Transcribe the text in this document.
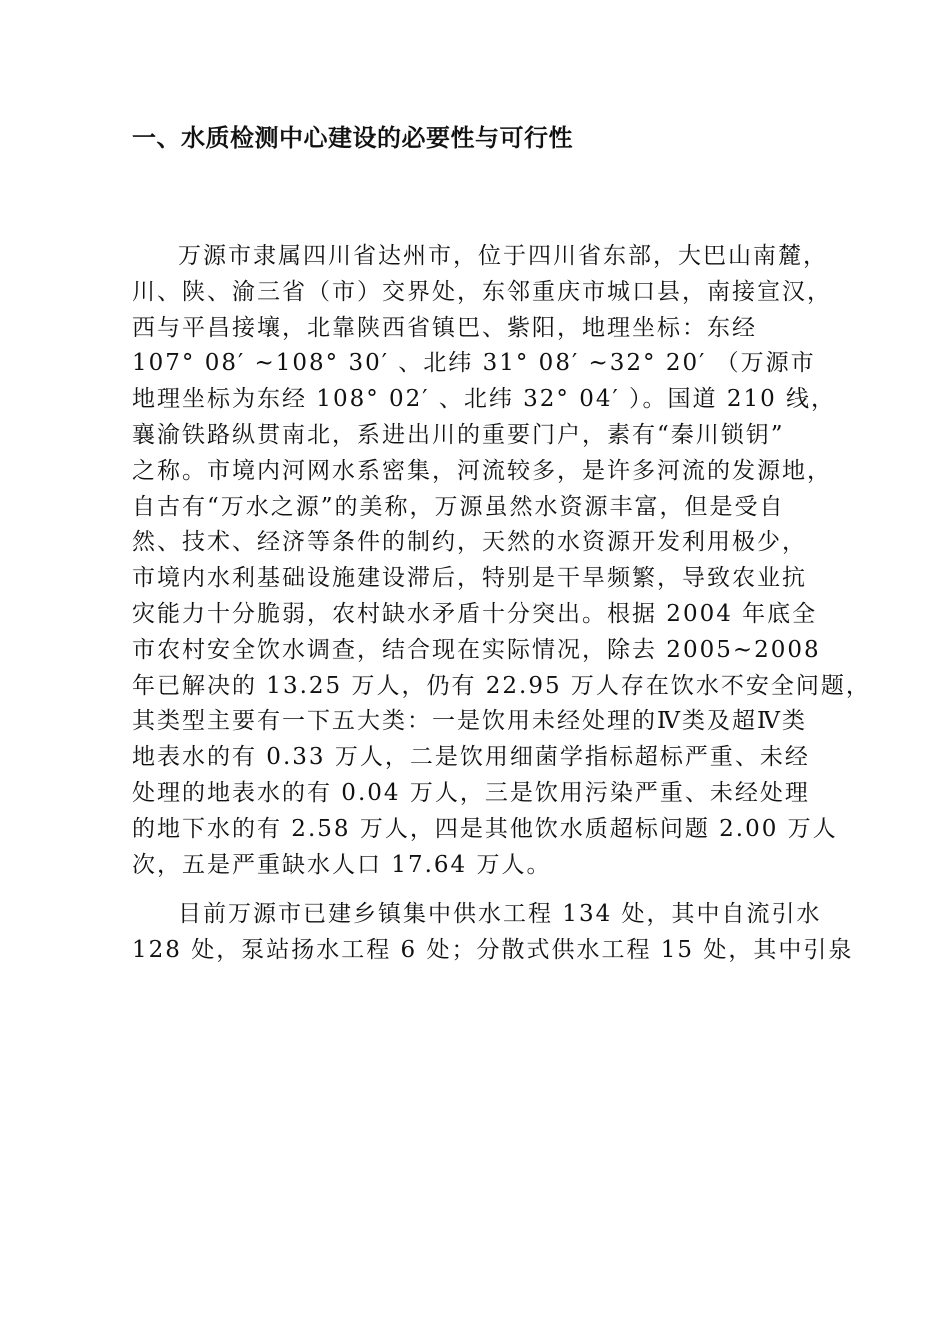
一、水质检测中心建设的必要性与可行性
万源市隶属四川省达州市，位于四川省东部，大巴山南麓，
川、陕、渝三省（市）交界处，东邻重庆市城口县，南接宣汉，
西与平昌接壤，北靠陕西省镇巴、紫阳，地理坐标：东经
107° 08′ ~108° 30′ 、北纬 31° 08′ ~32° 20′ （万源市
地理坐标为东经 108° 02′ 、北纬 32° 04′ ）。国道 210 线，
襄渝铁路纵贯南北，系进出川的重要门户，素有“秦川锁钥”
之称。市境内河网水系密集，河流较多，是许多河流的发源地，
自古有“万水之源”的美称，万源虽然水资源丰富，但是受自
然、技术、经济等条件的制约，天然的水资源开发利用极少，
市境内水利基础设施建设滞后，特别是干旱频繁，导致农业抗
灾能力十分脆弱，农村缺水矛盾十分突出。根据 2004 年底全
市农村安全饮水调查，结合现在实际情况，除去 2005~2008
年已解决的 13.25 万人，仍有 22.95 万人存在饮水不安全问题，
其类型主要有一下五大类：一是饮用未经处理的Ⅳ类及超Ⅳ类
地表水的有 0.33 万人，二是饮用细菌学指标超标严重、未经
处理的地表水的有 0.04 万人，三是饮用污染严重、未经处理
的地下水的有 2.58 万人，四是其他饮水质超标问题 2.00 万人
次，五是严重缺水人口 17.64 万人。
目前万源市已建乡镇集中供水工程 134 处，其中自流引水
128 处，泵站扬水工程 6 处；分散式供水工程 15 处，其中引泉
